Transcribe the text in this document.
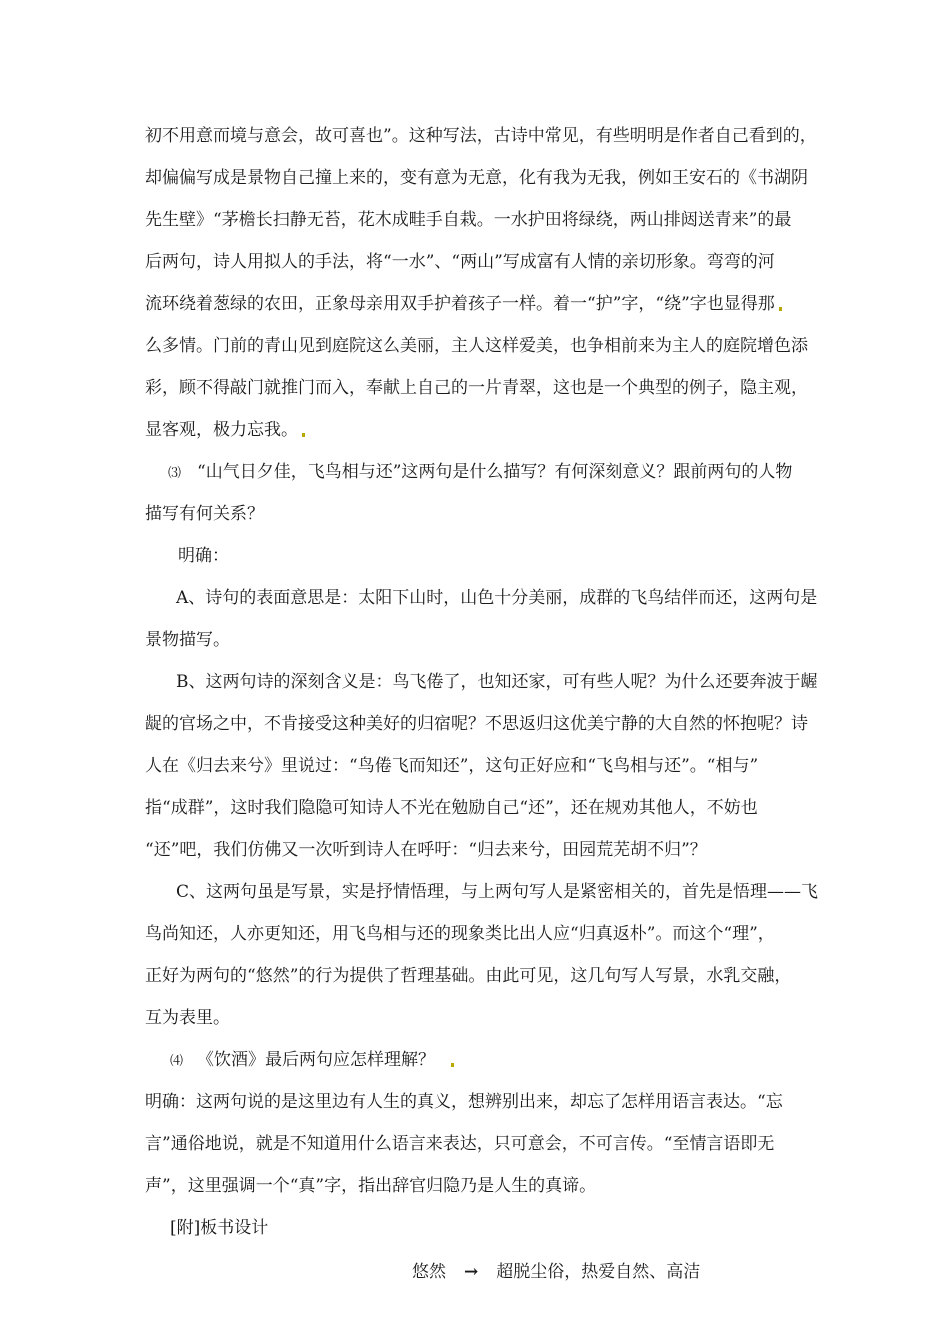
初不用意而境与意会，故可喜也”。这种写法，古诗中常见，有些明明是作者自己看到的，
却偏偏写成是景物自己撞上来的，变有意为无意，化有我为无我，例如王安石的《书湖阴
先生壁》“茅檐长扫静无苔，花木成畦手自栽。一水护田将绿绕，两山排闼送青来”的最
后两句，诗人用拟人的手法，将“一水”、“两山”写成富有人情的亲切形象。弯弯的河
流环绕着葱绿的农田，正象母亲用双手护着孩子一样。着一“护”字，“绕”字也显得那
么多情。门前的青山见到庭院这么美丽，主人这样爱美，也争相前来为主人的庭院增色添
彩，顾不得敲门就推门而入，奉献上自己的一片青翠，这也是一个典型的例子，隐主观，
显客观，极力忘我。
⑶ “山气日夕佳，飞鸟相与还”这两句是什么描写？有何深刻意义？跟前两句的人物
描写有何关系？
明确：
A、诗句的表面意思是：太阳下山时，山色十分美丽，成群的飞鸟结伴而还，这两句是
景物描写。
B、这两句诗的深刻含义是：鸟飞倦了，也知还家，可有些人呢？为什么还要奔波于龌
龊的官场之中，不肯接受这种美好的归宿呢？不思返归这优美宁静的大自然的怀抱呢？诗
人在《归去来兮》里说过：“鸟倦飞而知还”，这句正好应和“飞鸟相与还”。“相与”
指“成群”，这时我们隐隐可知诗人不光在勉励自己“还”，还在规劝其他人，不妨也
“还”吧，我们仿佛又一次听到诗人在呼吁：“归去来兮，田园荒芜胡不归”？
C、这两句虽是写景，实是抒情悟理，与上两句写人是紧密相关的，首先是悟理——飞
鸟尚知还，人亦更知还，用飞鸟相与还的现象类比出人应“归真返朴”。而这个“理”，
正好为两句的“悠然”的行为提供了哲理基础。由此可见，这几句写人写景，水乳交融，
互为表里。
⑷ 《饮酒》最后两句应怎样理解？
明确：这两句说的是这里边有人生的真义，想辨别出来，却忘了怎样用语言表达。“忘
言”通俗地说，就是不知道用什么语言来表达，只可意会，不可言传。“至情言语即无
声”，这里强调一个“真”字，指出辞官归隐乃是人生的真谛。
[附]板书设计
悠然 → 超脱尘俗，热爱自然、高洁
